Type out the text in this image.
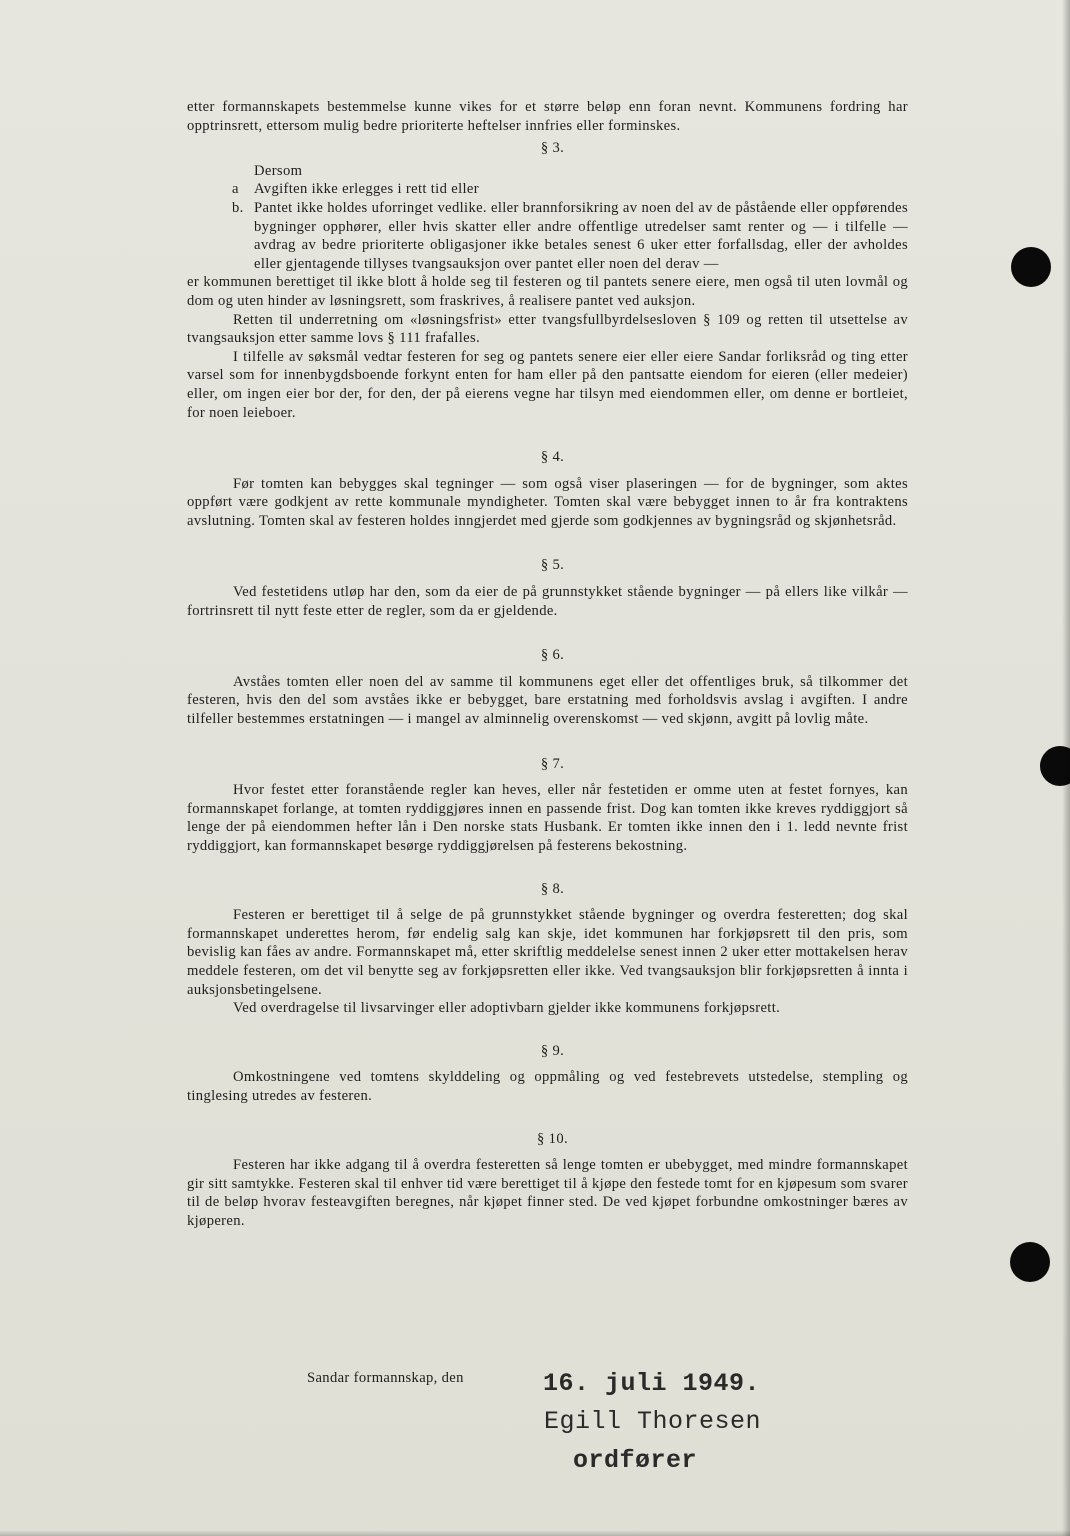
etter formannskapets bestemmelse kunne vikes for et større beløp enn foran nevnt. Kommunens fordring har opptrinsrett, ettersom mulig bedre prioriterte heftelser innfries eller forminskes.

§ 3.

Dersom

a Avgiften ikke erlegges i rett tid eller
b. Pantet ikke holdes uforringet vedlike. eller brannforsikring av noen del av de påstående eller oppførendes bygninger opphører, eller hvis skatter eller andre offentlige utredelser samt renter og — i tilfelle — avdrag av bedre prioriterte obligasjoner ikke betales senest 6 uker etter forfallsdag, eller der avholdes eller gjentagende tillyses tvangsauksjon over pantet eller noen del derav —

er kommunen berettiget til ikke blott å holde seg til festeren og til pantets senere eiere, men også til uten lovmål og dom og uten hinder av løsningsrett, som fraskrives, å realisere pantet ved auksjon.

Retten til underretning om «løsningsfrist» etter tvangsfullbyrdelsesloven § 109 og retten til utsettelse av tvangsauksjon etter samme lovs § 111 frafalles.

I tilfelle av søksmål vedtar festeren for seg og pantets senere eier eller eiere Sandar forliksråd og ting etter varsel som for innenbygdsboende forkynt enten for ham eller på den pantsatte eiendom for eieren (eller medeier) eller, om ingen eier bor der, for den, der på eierens vegne har tilsyn med eiendommen eller, om denne er bortleiet, for noen leieboer.

§ 4.

Før tomten kan bebygges skal tegninger — som også viser plaseringen — for de bygninger, som aktes oppført være godkjent av rette kommunale myndigheter. Tomten skal være bebygget innen to år fra kontraktens avslutning. Tomten skal av festeren holdes inngjerdet med gjerde som godkjennes av bygningsråd og skjønhetsråd.

§ 5.

Ved festetidens utløp har den, som da eier de på grunnstykket stående bygninger — på ellers like vilkår — fortrinsrett til nytt feste etter de regler, som da er gjeldende.

§ 6.

Avståes tomten eller noen del av samme til kommunens eget eller det offentliges bruk, så tilkommer det festeren, hvis den del som avståes ikke er bebygget, bare erstatning med forholdsvis avslag i avgiften. I andre tilfeller bestemmes erstatningen — i mangel av alminnelig overenskomst — ved skjønn, avgitt på lovlig måte.

§ 7.

Hvor festet etter foranstående regler kan heves, eller når festetiden er omme uten at festet fornyes, kan formannskapet forlange, at tomten ryddiggjøres innen en passende frist. Dog kan tomten ikke kreves ryddiggjort så lenge der på eiendommen hefter lån i Den norske stats Husbank. Er tomten ikke innen den i 1. ledd nevnte frist ryddiggjort, kan formannskapet besørge ryddiggjørelsen på festerens bekostning.

§ 8.

Festeren er berettiget til å selge de på grunnstykket stående bygninger og overdra festeretten; dog skal formannskapet underettes herom, før endelig salg kan skje, idet kommunen har forkjøpsrett til den pris, som bevislig kan fåes av andre. Formannskapet må, etter skriftlig meddelelse senest innen 2 uker etter mottakelsen herav meddele festeren, om det vil benytte seg av forkjøpsretten eller ikke. Ved tvangsauksjon blir forkjøpsretten å innta i auksjonsbetingelsene.

Ved overdragelse til livsarvinger eller adoptivbarn gjelder ikke kommunens forkjøpsrett.

§ 9.

Omkostningene ved tomtens skylddeling og oppmåling og ved festebrevets utstedelse, stempling og tinglesing utredes av festeren.

§ 10.

Festeren har ikke adgang til å overdra festeretten så lenge tomten er ubebygget, med mindre formannskapet gir sitt samtykke. Festeren skal til enhver tid være berettiget til å kjøpe den festede tomt for en kjøpesum som svarer til de beløp hvorav festeavgiften beregnes, når kjøpet finner sted. De ved kjøpet forbundne omkostninger bæres av kjøperen.

Sandar formannskap, den	16. juli 1949.
Egill Thoresen
ordfører
